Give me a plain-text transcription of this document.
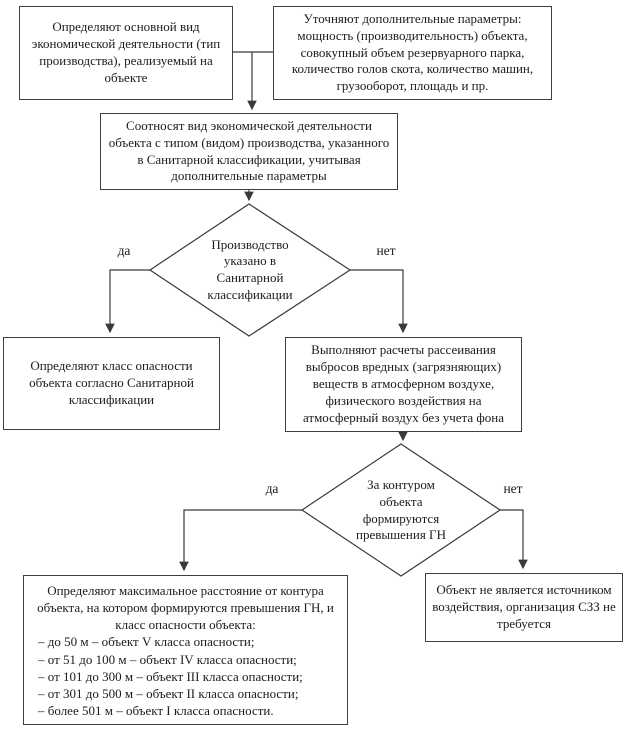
Определяют основной вид экономической деятельности (тип производства), реализуемый на объекте
Уточняют дополнительные параметры: мощность (производительность) объекта, совокупный объем резервуарного парка, количество голов скота, количество машин, грузооборот, площадь и пр.
Соотносят вид экономической деятельности объекта с типом (видом) производства, указанного в Санитарной классификации, учитывая дополнительные параметры
Определяют класс опасности объекта согласно Санитарной классификации
Выполняют расчеты рассеивания выбросов вредных (загрязняющих) веществ в атмосферном воздухе, физического воздействия на атмосферный воздух без учета фона
Объект не является источником воздействия, организация СЗЗ не требуется
Определяют максимальное расстояние от контура объекта, на котором формируются превышения ГН, и класс опасности объекта:
– до 50 м – объект V класса опасности;
– от 51 до 100 м – объект IV класса опасности;
– от 101 до 300 м – объект III класса опасности;
– от 301 до 500 м – объект II класса опасности;
– более 501 м – объект I класса опасности.
Производство указано в Санитарной классификации
За контуром объекта формируются превышения ГН
да	нет
да	нет
